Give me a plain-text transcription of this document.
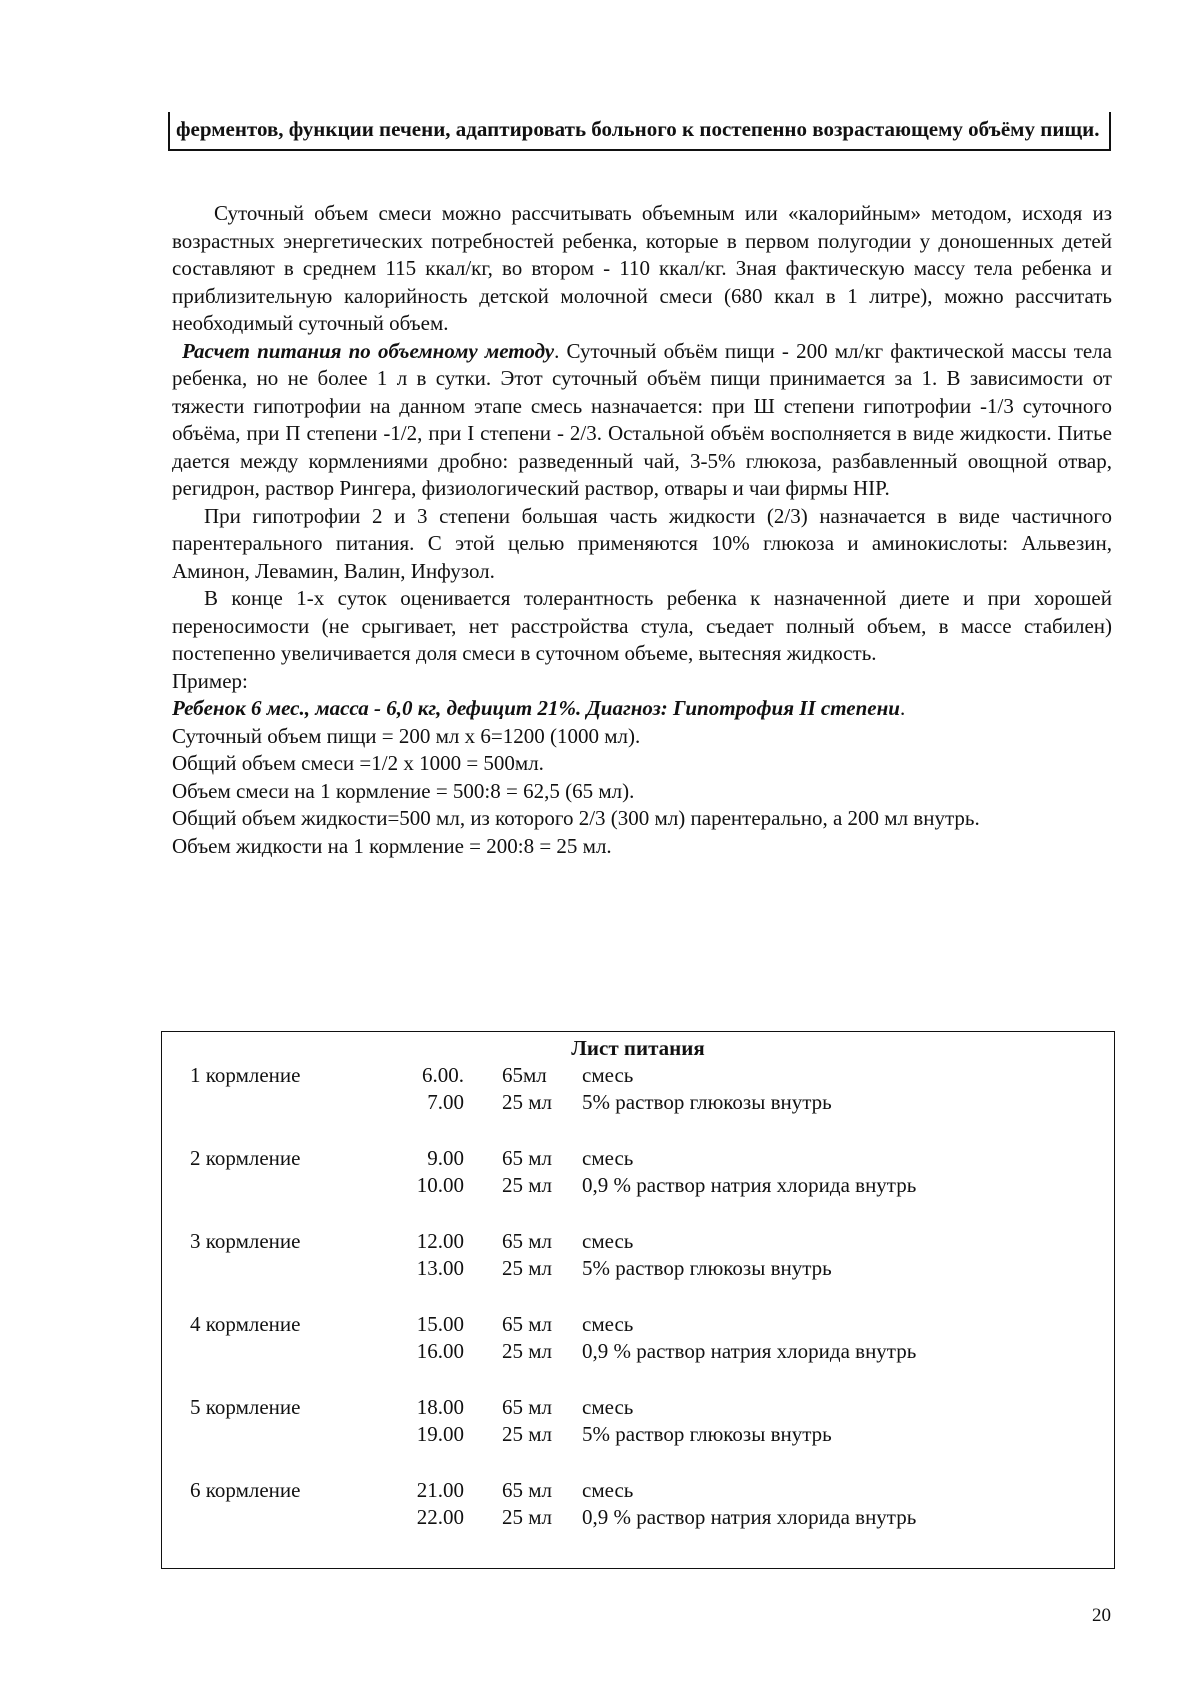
ферментов, функции печени, адаптировать больного к постепенно возрастающему объёму пищи.

Суточный объем смеси можно рассчитывать объемным или «калорийным» методом, исходя из возрастных энергетических потребностей ребенка, которые в первом полугодии у доношенных детей составляют в среднем 115 ккал/кг, во втором - 110 ккал/кг. Зная фактическую массу тела ребенка и приблизительную калорийность детской молочной смеси (680 ккал в 1 литре), можно рассчитать необходимый суточный объем.

Расчет питания по объемному методу. Суточный объём пищи - 200 мл/кг фактической массы тела ребенка, но не более 1 л в сутки. Этот суточный объём пищи принимается за 1. В зависимости от тяжести гипотрофии на данном этапе смесь назначается: при Ш степени гипотрофии -1/3 суточного объёма, при П степени -1/2, при I степени - 2/3. Остальной объём восполняется в виде жидкости. Питье дается между кормлениями дробно: разведенный чай, 3-5% глюкоза, разбавленный овощной отвар, регидрон, раствор Рингера, физиологический раствор, отвары и чаи фирмы HIP.

При гипотрофии 2 и 3 степени большая часть жидкости (2/3) назначается в виде частичного парентерального питания. С этой целью применяются 10% глюкоза и аминокислоты: Альвезин, Аминон, Левамин, Валин, Инфузол.

В конце 1-х суток оценивается толерантность ребенка к назначенной диете и при хорошей переносимости (не срыгивает, нет расстройства стула, съедает полный объем, в массе стабилен) постепенно увеличивается доля смеси в суточном объеме, вытесняя жидкость.

Пример:

Ребенок 6 мес., масса - 6,0 кг, дефицит 21%. Диагноз: Гипотрофия II степени.

Суточный объем пищи = 200 мл х 6=1200 (1000 мл).

Общий объем смеси =1/2 х 1000 = 500мл.

Объем смеси на 1 кормление = 500:8 = 62,5 (65 мл).

Общий объем жидкости=500 мл, из которого 2/3 (300 мл) парентерально, а 200 мл внутрь.

Объем жидкости на 1 кормление = 200:8 = 25 мл.

Лист питания
1 кормление	6.00. 65мл смесь
7.00 25 мл 5% раствор глюкозы внутрь
2 кормление	9.00 65 мл смесь
10.00 25 мл 0,9 % раствор натрия хлорида внутрь
3 кормление	12.00 65 мл смесь
13.00 25 мл 5% раствор глюкозы внутрь
4 кормление	15.00 65 мл смесь
16.00 25 мл 0,9 % раствор натрия хлорида внутрь
5 кормление	18.00 65 мл смесь
19.00 25 мл 5% раствор глюкозы внутрь
6 кормление	21.00 65 мл смесь
22.00 25 мл 0,9 % раствор натрия хлорида внутрь
20
